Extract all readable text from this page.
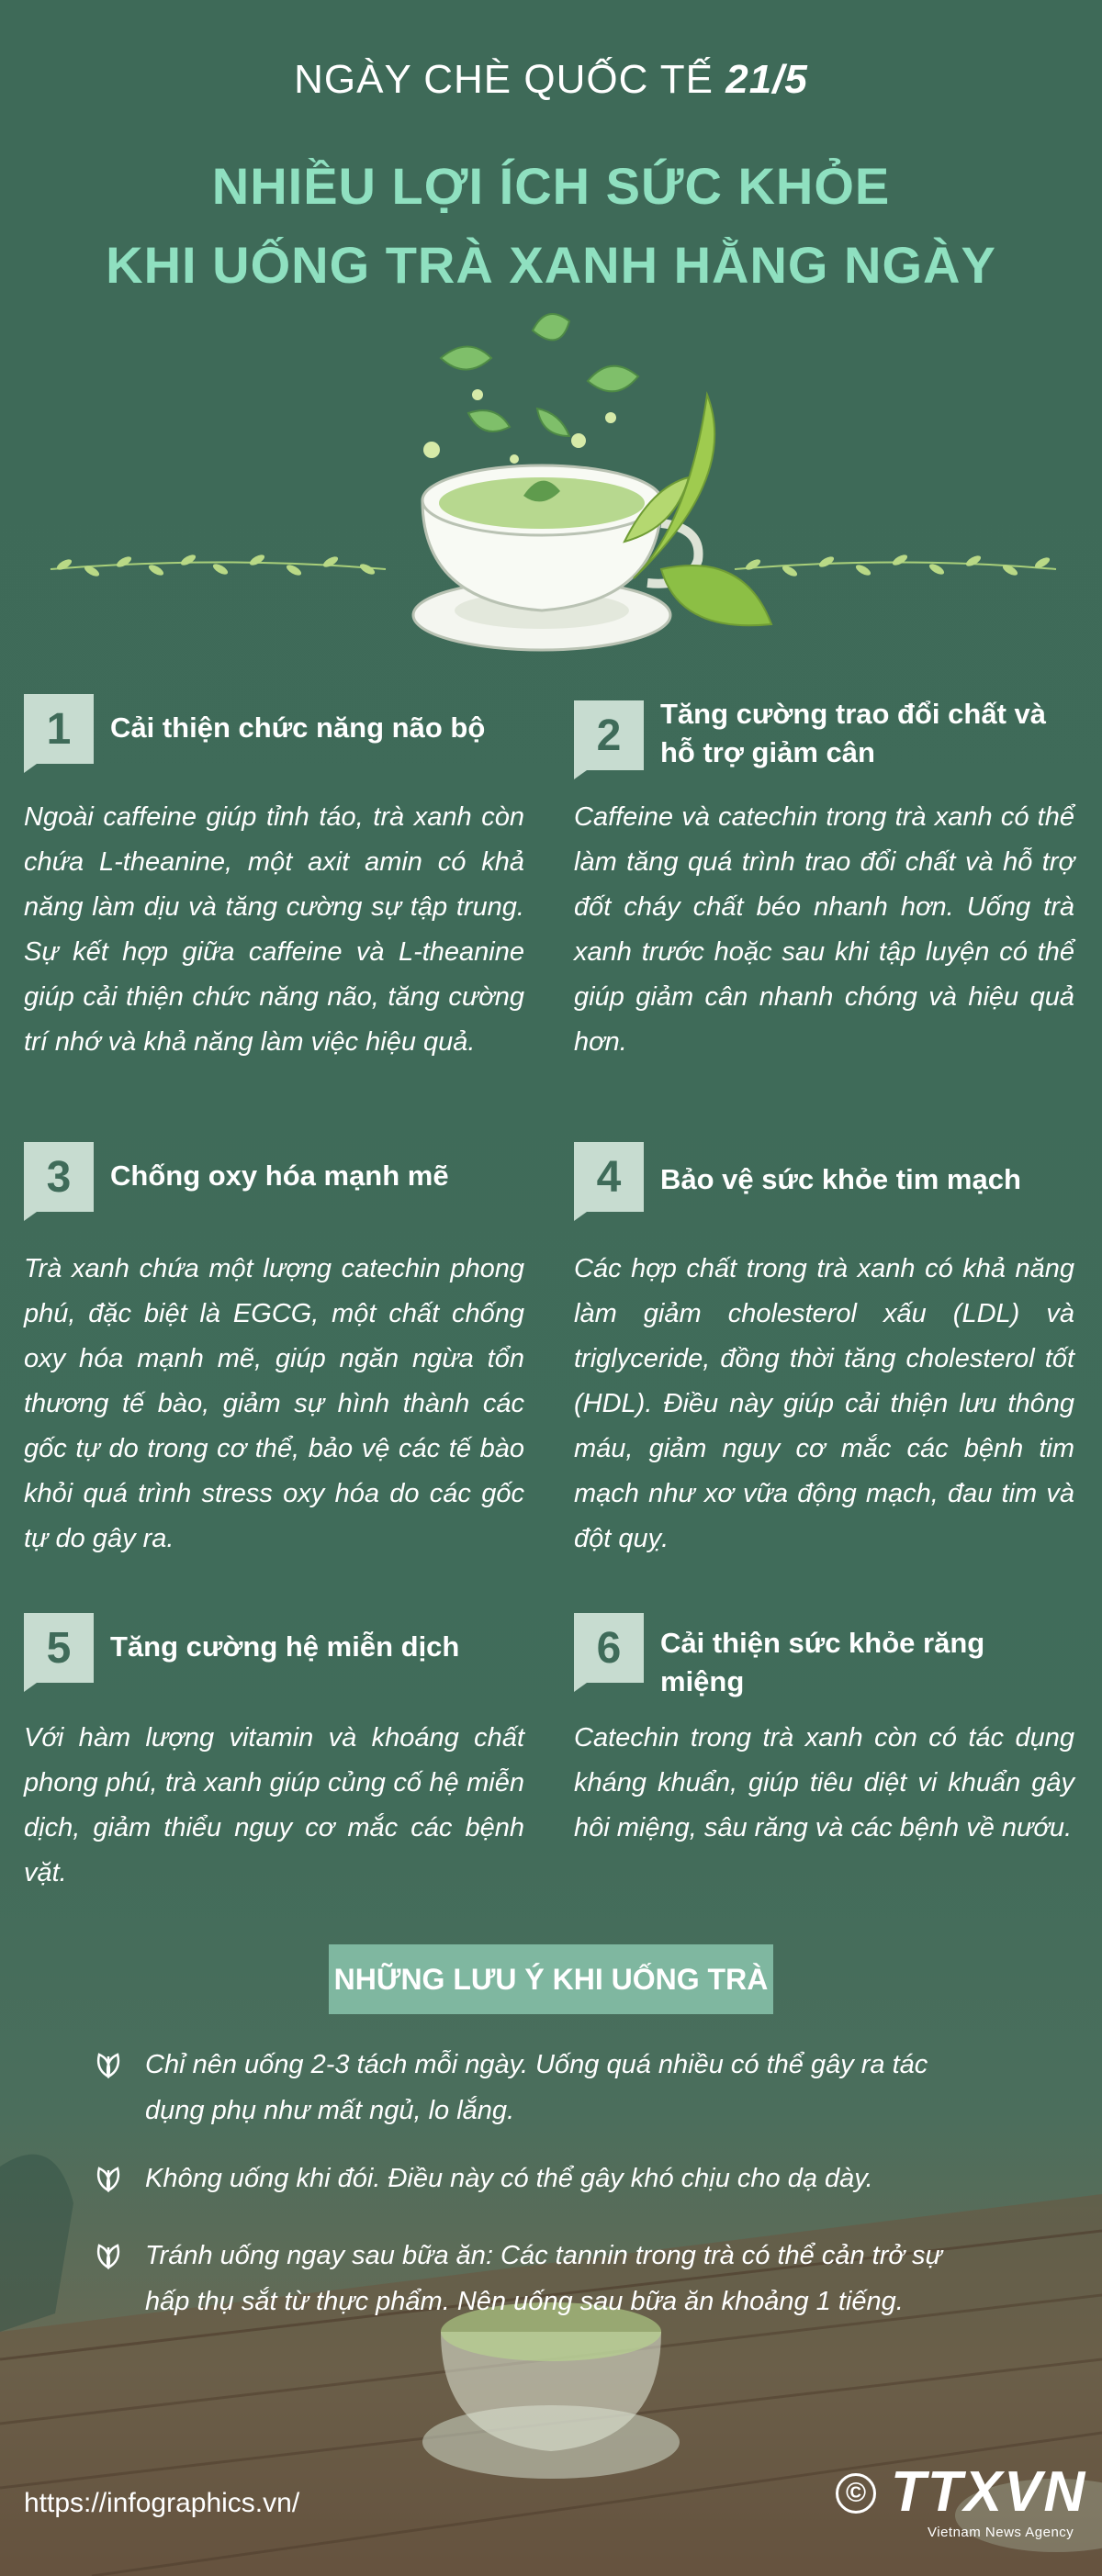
NGÀY CHÈ QUỐC TẾ 21/5
NHIỀU LỢI ÍCH SỨC KHỎE
KHI UỐNG TRÀ XANH HẰNG NGÀY
1	Cải thiện chức năng não bộ
Ngoài caffeine giúp tỉnh táo, trà xanh còn chứa L-theanine, một axit amin có khả năng làm dịu và tăng cường sự tập trung. Sự kết hợp giữa caffeine và L-theanine giúp cải thiện chức năng não, tăng cường trí nhớ và khả năng làm việc hiệu quả.
2	Tăng cường trao đổi chất và hỗ trợ giảm cân
Caffeine và catechin trong trà xanh có thể làm tăng quá trình trao đổi chất và hỗ trợ đốt cháy chất béo nhanh hơn. Uống trà xanh trước hoặc sau khi tập luyện có thể giúp giảm cân nhanh chóng và hiệu quả hơn.
3	Chống oxy hóa mạnh mẽ
Trà xanh chứa một lượng catechin phong phú, đặc biệt là EGCG, một chất chống oxy hóa mạnh mẽ, giúp ngăn ngừa tổn thương tế bào, giảm sự hình thành các gốc tự do trong cơ thể, bảo vệ các tế bào khỏi quá trình stress oxy hóa do các gốc tự do gây ra.
4	Bảo vệ sức khỏe tim mạch
Các hợp chất trong trà xanh có khả năng làm giảm cholesterol xấu (LDL) và triglyceride, đồng thời tăng cholesterol tốt (HDL). Điều này giúp cải thiện lưu thông máu, giảm nguy cơ mắc các bệnh tim mạch như xơ vữa động mạch, đau tim và đột quỵ.
5	Tăng cường hệ miễn dịch
Với hàm lượng vitamin và khoáng chất phong phú, trà xanh giúp củng cố hệ miễn dịch, giảm thiểu nguy cơ mắc các bệnh vặt.
6	Cải thiện sức khỏe răng miệng
Catechin trong trà xanh còn có tác dụng kháng khuẩn, giúp tiêu diệt vi khuẩn gây hôi miệng, sâu răng và các bệnh về nướu.
NHỮNG LƯU Ý KHI UỐNG TRÀ
Chỉ nên uống 2-3 tách mỗi ngày. Uống quá nhiều có thể gây ra tác dụng phụ như mất ngủ, lo lắng.
Không uống khi đói. Điều này có thể gây khó chịu cho dạ dày.
Tránh uống ngay sau bữa ăn: Các tannin trong trà có thể cản trở sự hấp thụ sắt từ thực phẩm. Nên uống sau bữa ăn khoảng 1 tiếng.
https://infographics.vn/	© TTXVN
Vietnam News Agency
